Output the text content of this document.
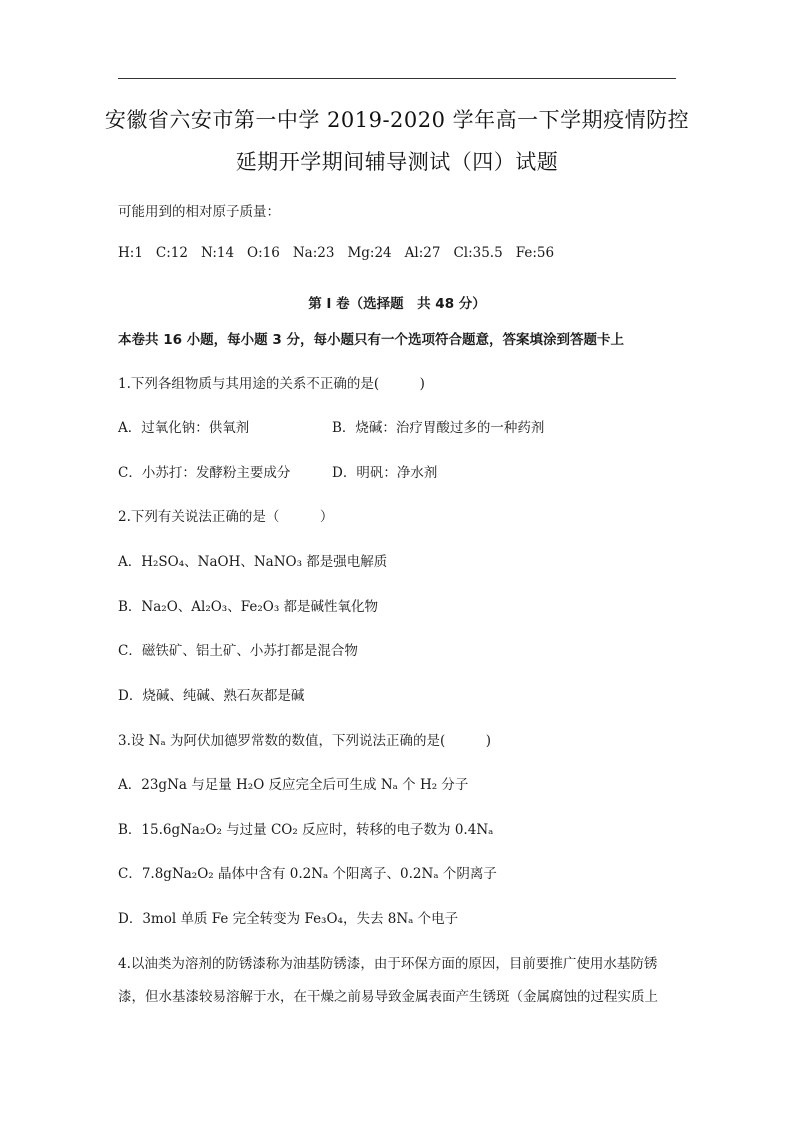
安徽省六安市第一中学 2019-2020 学年高一下学期疫情防控
延期开学期间辅导测试（四）试题
可能用到的相对原子质量：
H:1 C:12 N:14 O:16 Na:23 Mg:24 Al:27 Cl:35.5 Fe:56
第 I 卷（选择题　共 48 分）
本卷共 16 小题，每小题 3 分，每小题只有一个选项符合题意，答案填涂到答题卡上
1.下列各组物质与其用途的关系不正确的是(　　　)
A．过氧化钠：供氧剂	B．烧碱：治疗胃酸过多的一种药剂
C．小苏打：发酵粉主要成分	D．明矾：净水剂
2.下列有关说法正确的是（　　　）
A．H₂SO₄、NaOH、NaNO₃ 都是强电解质
B．Na₂O、Al₂O₃、Fe₂O₃ 都是碱性氧化物
C．磁铁矿、铝土矿、小苏打都是混合物
D．烧碱、纯碱、熟石灰都是碱
3.设 Nₐ 为阿伏加德罗常数的数值，下列说法正确的是(　　　)
A．23gNa 与足量 H₂O 反应完全后可生成 Nₐ 个 H₂ 分子
B．15.6gNa₂O₂ 与过量 CO₂ 反应时，转移的电子数为 0.4Nₐ
C．7.8gNa₂O₂ 晶体中含有 0.2Nₐ 个阳离子、0.2Nₐ 个阴离子
D．3mol 单质 Fe 完全转变为 Fe₃O₄，失去 8Nₐ 个电子
4.以油类为溶剂的防锈漆称为油基防锈漆，由于环保方面的原因，目前要推广使用水基防锈
漆，但水基漆较易溶解于水，在干燥之前易导致金属表面产生锈斑（金属腐蚀的过程实质上
